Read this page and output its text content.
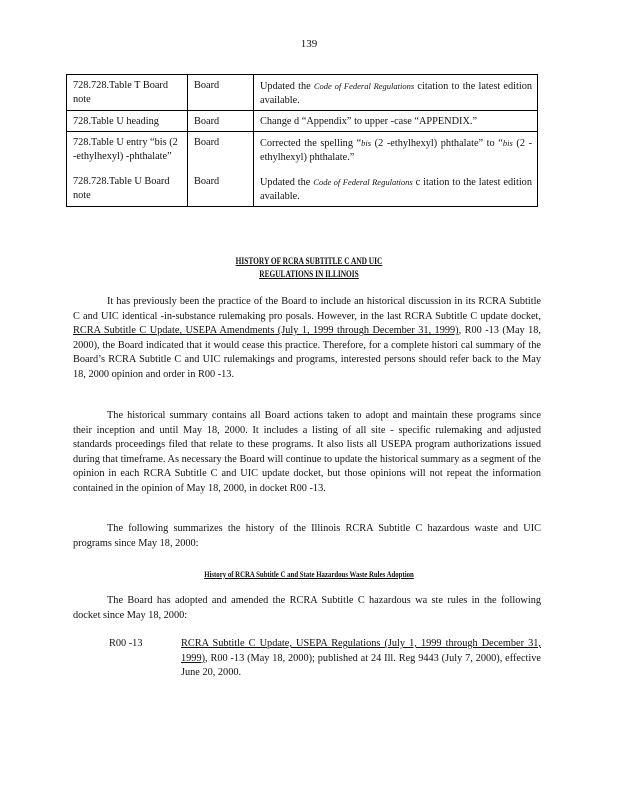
139
728.728.Table T Board note	Board	Updated the Code of Federal Regulations citation to the latest edition available.
728.Table U heading	Board	Change d “Appendix” to upper -case “APPENDIX.”
728.Table U entry “bis (2 -ethylhexyl) -phthalate”	Board	Corrected the spelling “bis (2 -ethylhexyl) phthalate” to “bis (2 -ethylhexyl) phthalate.”
728.728.Table U Board note	Board	Updated the Code of Federal Regulations c itation to the latest edition available.
HISTORY OF RCRA SUBTITLE C AND UIC
REGULATIONS IN ILLINOIS
It has previously been the practice of the Board to include an historical discussion in its RCRA Subtitle C and UIC identical -in-substance rulemaking pro posals. However, in the last RCRA Subtitle C update docket, RCRA Subtitle C Update, USEPA Amendments (July 1, 1999 through December 31, 1999), R00 -13 (May 18, 2000), the Board indicated that it would cease this practice. Therefore, for a complete histori cal summary of the Board’s RCRA Subtitle C and UIC rulemakings and programs, interested persons should refer back to the May 18, 2000 opinion and order in R00 -13.
The historical summary contains all Board actions taken to adopt and maintain these programs since their inception and until May 18, 2000. It includes a listing of all site - specific rulemaking and adjusted standards proceedings filed that relate to these programs. It also lists all USEPA program authorizations issued during that timeframe. As necessary the Board will continue to update the historical summary as a segment of the opinion in each RCRA Subtitle C and UIC update docket, but those opinions will not repeat the information contained in the opinion of May 18, 2000, in docket R00 -13.
The following summarizes the history of the Illinois RCRA Subtitle C hazardous waste and UIC programs since May 18, 2000:
History of RCRA Subtitle C and State Hazardous Waste Rules Adoption
The Board has adopted and amended the RCRA Subtitle C hazardous wa ste rules in the following docket since May 18, 2000:
R00 -13	RCRA Subtitle C Update, USEPA Regulations (July 1, 1999 through December 31, 1999), R00 -13 (May 18, 2000); published at 24 Ill. Reg 9443 (July 7, 2000), effective June 20, 2000.
